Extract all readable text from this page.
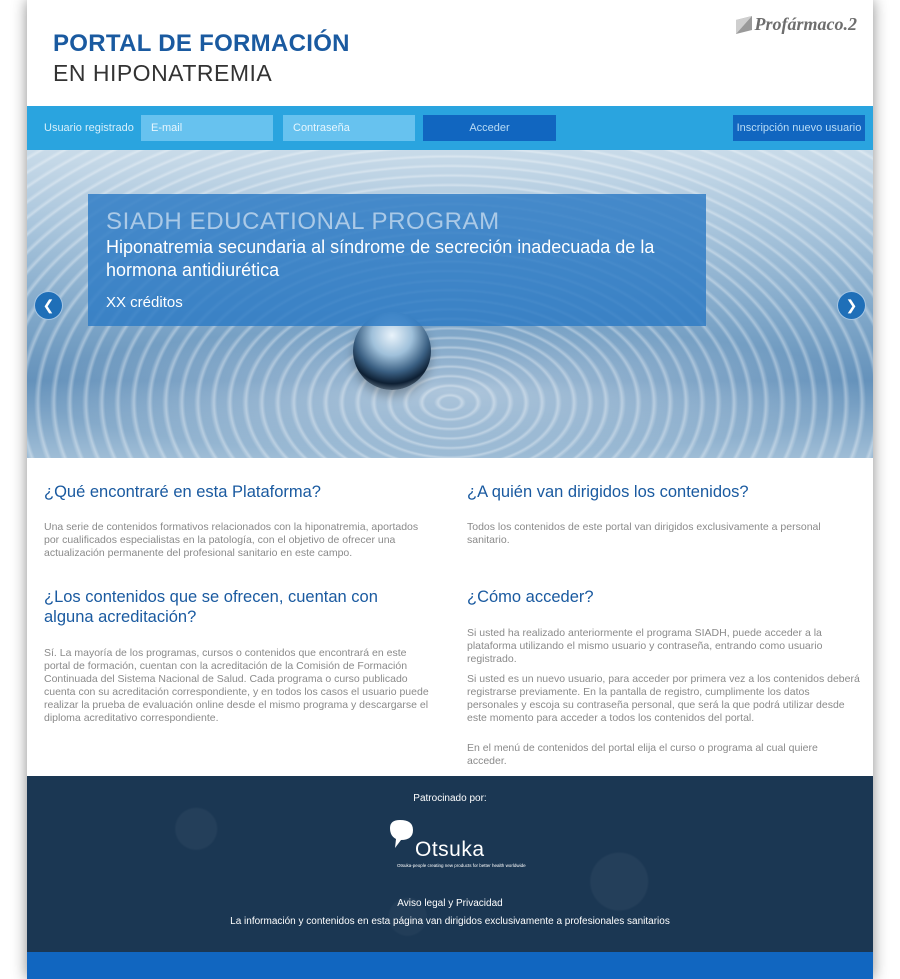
PORTAL DE FORMACIÓN
EN HIPONATREMIA
Profármaco.2
Usuario registrado
E-mail	Acceder	Inscripción nuevo usuario
SIADH EDUCATIONAL PROGRAM
Hiponatremia secundaria al síndrome de secreción inadecuada de la hormona antidiurética
XX créditos
❮	❯
¿Qué encontraré en esta Plataforma?
Una serie de contenidos formativos relacionados con la hiponatremia, aportados por cualificados especialistas en la patología, con el objetivo de ofrecer una actualización permanente del profesional sanitario en este campo.
¿A quién van dirigidos los contenidos?
Todos los contenidos de este portal van dirigidos exclusivamente a personal sanitario.
¿Los contenidos que se ofrecen, cuentan con alguna acreditación?
Sí. La mayoría de los programas, cursos o contenidos que encontrará en este portal de formación, cuentan con la acreditación de la Comisión de Formación Continuada del Sistema Nacional de Salud. Cada programa o curso publicado cuenta con su acreditación correspondiente, y en todos los casos el usuario puede realizar la prueba de evaluación online desde el mismo programa y descargarse el diploma acreditativo correspondiente.
¿Cómo acceder?
Si usted ha realizado anteriormente el programa SIADH, puede acceder a la plataforma utilizando el mismo usuario y contraseña, entrando como usuario registrado.
Si usted es un nuevo usuario, para acceder por primera vez a los contenidos deberá registrarse previamente. En la pantalla de registro, cumplimente los datos personales y escoja su contraseña personal, que será la que podrá utilizar desde este momento para acceder a todos los contenidos del portal.
En el menú de contenidos del portal elija el curso o programa al cual quiere acceder.
Patrocinado por:
Otsuka
Otsuka-people creating new products for better health worldwide
Aviso legal y Privacidad
La información y contenidos en esta página van dirigidos exclusivamente a profesionales sanitarios
